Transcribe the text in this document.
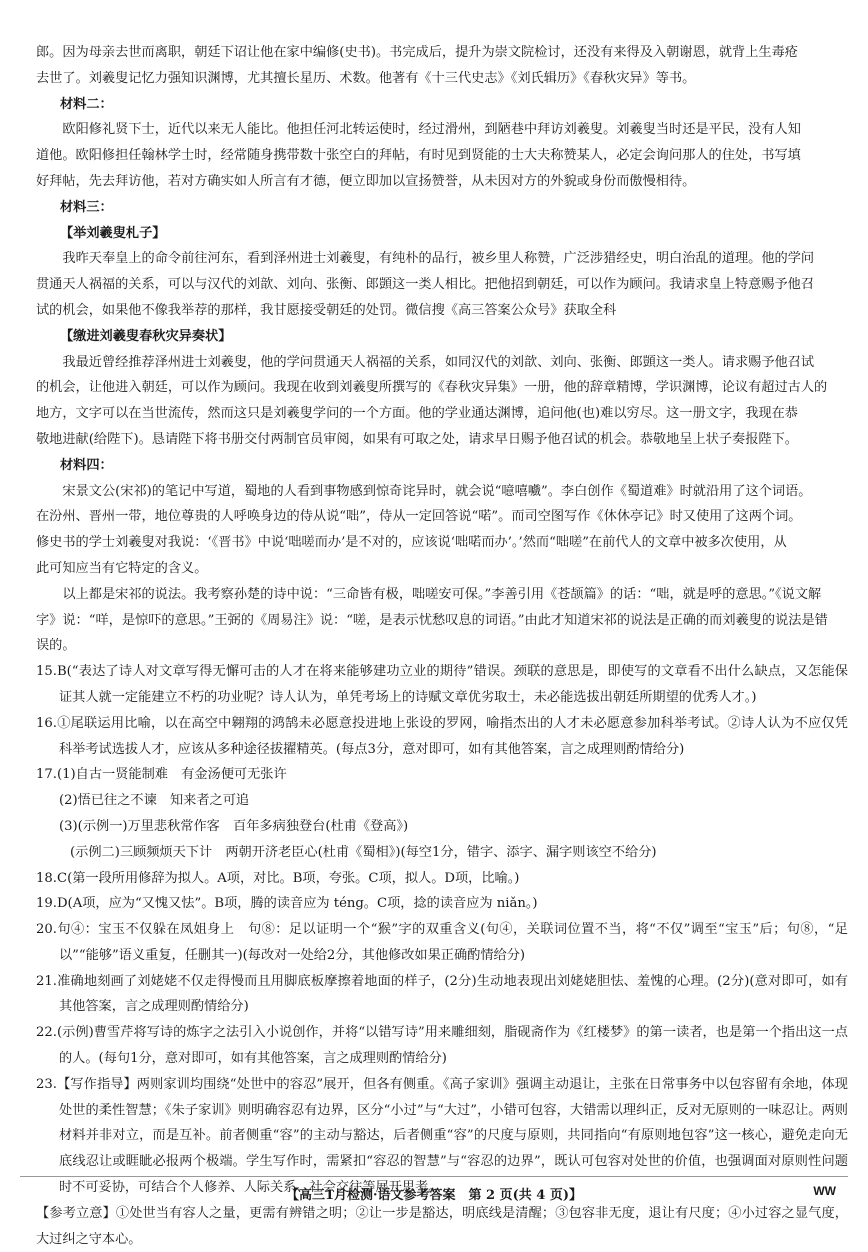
郎。因为母亲去世而离职，朝廷下诏让他在家中编修(史书)。书完成后，提升为崇文院检讨，还没有来得及入朝谢恩，就背上生毒疮

去世了。刘羲叟记忆力强知识渊博，尤其擅长星历、术数。他著有《十三代史志》《刘氏辑历》《春秋灾异》等书。

材料二：

欧阳修礼贤下士，近代以来无人能比。他担任河北转运使时，经过滑州，到陋巷中拜访刘羲叟。刘羲叟当时还是平民，没有人知

道他。欧阳修担任翰林学士时，经常随身携带数十张空白的拜帖，有时见到贤能的士大夫称赞某人，必定会询问那人的住处，书写填

好拜帖，先去拜访他，若对方确实如人所言有才德，便立即加以宣扬赞誉，从未因对方的外貌或身份而傲慢相待。

材料三：

【举刘羲叟札子】

我昨天奉皇上的命令前往河东，看到泽州进士刘羲叟，有纯朴的品行，被乡里人称赞，广泛涉猎经史，明白治乱的道理。他的学问

贯通天人祸福的关系，可以与汉代的刘歆、刘向、张衡、郎顗这一类人相比。把他招到朝廷，可以作为顾问。我请求皇上特意赐予他召

试的机会，如果他不像我举荐的那样，我甘愿接受朝廷的处罚。微信搜《高三答案公众号》获取全科

【缴进刘羲叟春秋灾异奏状】

我最近曾经推荐泽州进士刘羲叟，他的学问贯通天人祸福的关系，如同汉代的刘歆、刘向、张衡、郎顗这一类人。请求赐予他召试

的机会，让他进入朝廷，可以作为顾问。我现在收到刘羲叟所撰写的《春秋灾异集》一册，他的辞章精博，学识渊博，论议有超过古人的

地方，文字可以在当世流传，然而这只是刘羲叟学问的一个方面。他的学业通达渊博，追问他(也)难以穷尽。这一册文字，我现在恭

敬地进献(给陛下)。恳请陛下将书册交付两制官员审阅，如果有可取之处，请求早日赐予他召试的机会。恭敬地呈上状子奏报陛下。

材料四：

宋景文公(宋祁)的笔记中写道，蜀地的人看到事物感到惊奇诧异时，就会说“噫嘻嚱”。李白创作《蜀道难》时就沿用了这个词语。

在汾州、晋州一带，地位尊贵的人呼唤身边的侍从说“咄”，侍从一定回答说“喏”。而司空图写作《休休亭记》时又使用了这两个词。

修史书的学士刘羲叟对我说：‘《晋书》中说‘咄嗟而办’是不对的，应该说‘咄喏而办’。’然而“咄嗟”在前代人的文章中被多次使用，从

此可知应当有它特定的含义。

以上都是宋祁的说法。我考察孙楚的诗中说：“三命皆有极，咄嗟安可保。”李善引用《苍颉篇》的话：“咄，就是呼的意思。”《说文解

字》说：“咩，是惊吓的意思。”王弼的《周易注》说：“嗟，是表示忧愁叹息的词语。”由此才知道宋祁的说法是正确的而刘羲叟的说法是错

误的。

15.B(“表达了诗人对文章写得无懈可击的人才在将来能够建功立业的期待”错误。颈联的意思是，即使写的文章看不出什么缺点，又怎能保证其人就一定能建立不朽的功业呢？诗人认为，单凭考场上的诗赋文章优劣取士，未必能选拔出朝廷所期望的优秀人才。)

16.①尾联运用比喻，以在高空中翱翔的鸿鹄未必愿意投进地上张设的罗网，喻指杰出的人才未必愿意参加科举考试。②诗人认为不应仅凭科举考试选拔人才，应该从多种途径拔擢精英。(每点3分，意对即可，如有其他答案，言之成理则酌情给分)

17.(1)自古一贤能制难　有金汤便可无张许

(2)悟已往之不谏　知来者之可追

(3)(示例一)万里悲秋常作客　百年多病独登台(杜甫《登高》)

(示例二)三顾频烦天下计　两朝开济老臣心(杜甫《蜀相》)(每空1分，错字、添字、漏字则该空不给分)

18.C(第一段所用修辞为拟人。A项，对比。B项，夸张。C项，拟人。D项，比喻。)

19.D(A项，应为“又愧又怯”。B项，腾的读音应为 téng。C项，捻的读音应为 niǎn。)

20.句④：宝玉不仅躲在凤姐身上　句⑧：足以证明一个“猴”字的双重含义(句④，关联词位置不当，将“不仅”调至“宝玉”后；句⑧，“足以”“能够”语义重复，任删其一)(每改对一处给2分，其他修改如果正确酌情给分)

21.准确地刻画了刘姥姥不仅走得慢而且用脚底板摩擦着地面的样子，(2分)生动地表现出刘姥姥胆怯、羞愧的心理。(2分)(意对即可，如有其他答案，言之成理则酌情给分)

22.(示例)曹雪芹将写诗的炼字之法引入小说创作，并将“以错写诗”用来雕细刻，脂砚斋作为《红楼梦》的第一读者，也是第一个指出这一点的人。(每句1分，意对即可，如有其他答案，言之成理则酌情给分)

23.【写作指导】两则家训均围绕“处世中的容忍”展开，但各有侧重。《高子家训》强调主动退让，主张在日常事务中以包容留有余地，体现处世的柔性智慧；《朱子家训》则明确容忍有边界，区分“小过”与“大过”，小错可包容，大错需以理纠正，反对无原则的一味忍让。两则材料并非对立，而是互补。前者侧重“容”的主动与豁达，后者侧重“容”的尺度与原则，共同指向“有原则地包容”这一核心，避免走向无底线忍让或睚眦必报两个极端。学生写作时，需紧扣“容忍的智慧”与“容忍的边界”，既认可包容对处世的价值，也强调面对原则性问题时不可妥协，可结合个人修养、人际关系、社会交往等展开思考。

【参考立意】①处世当有容人之量，更需有辨错之明；②让一步是豁达，明底线是清醒；③包容非无度，退让有尺度；④小过容之显气度，大过纠之守本心。

【高三1月检测·语文参考答案　第 2 页(共 4 页)】	WW
